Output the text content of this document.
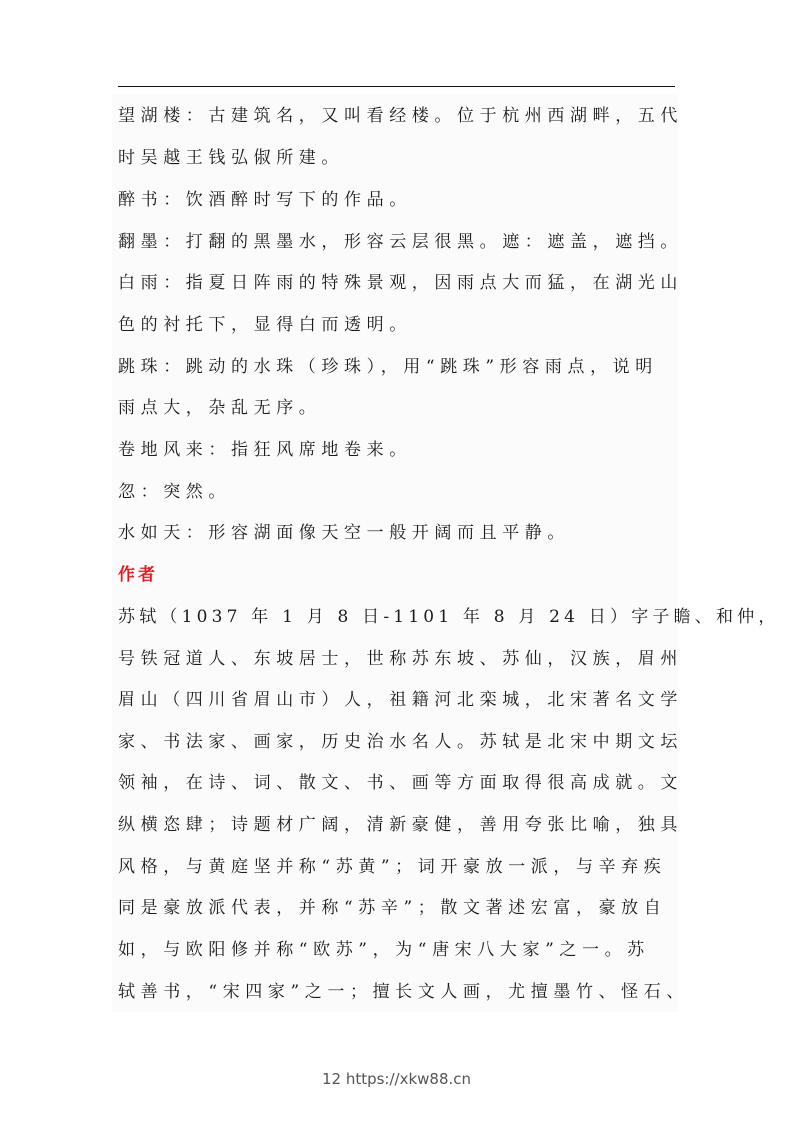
望湖楼：古建筑名，又叫看经楼。位于杭州西湖畔，五代
时吴越王钱弘俶所建。
醉书：饮酒醉时写下的作品。
翻墨：打翻的黑墨水，形容云层很黑。遮：遮盖，遮挡。
白雨：指夏日阵雨的特殊景观，因雨点大而猛，在湖光山
色的衬托下，显得白而透明。
跳珠：跳动的水珠（珍珠），用“跳珠”形容雨点，说明
雨点大，杂乱无序。
卷地风来：指狂风席地卷来。
忽：突然。
水如天：形容湖面像天空一般开阔而且平静。
作者
苏轼（1037 年 1 月 8 日-1101 年 8 月 24 日）字子瞻、和仲，
号铁冠道人、东坡居士，世称苏东坡、苏仙，汉族，眉州
眉山（四川省眉山市）人，祖籍河北栾城，北宋著名文学
家、书法家、画家，历史治水名人。苏轼是北宋中期文坛
领袖，在诗、词、散文、书、画等方面取得很高成就。文
纵横恣肆；诗题材广阔，清新豪健，善用夸张比喻，独具
风格，与黄庭坚并称“苏黄”；词开豪放一派，与辛弃疾
同是豪放派代表，并称“苏辛”；散文著述宏富，豪放自
如，与欧阳修并称“欧苏”，为“唐宋八大家”之一。苏
轼善书，“宋四家”之一；擅长文人画，尤擅墨竹、怪石、
12 https://xkw88.cn
